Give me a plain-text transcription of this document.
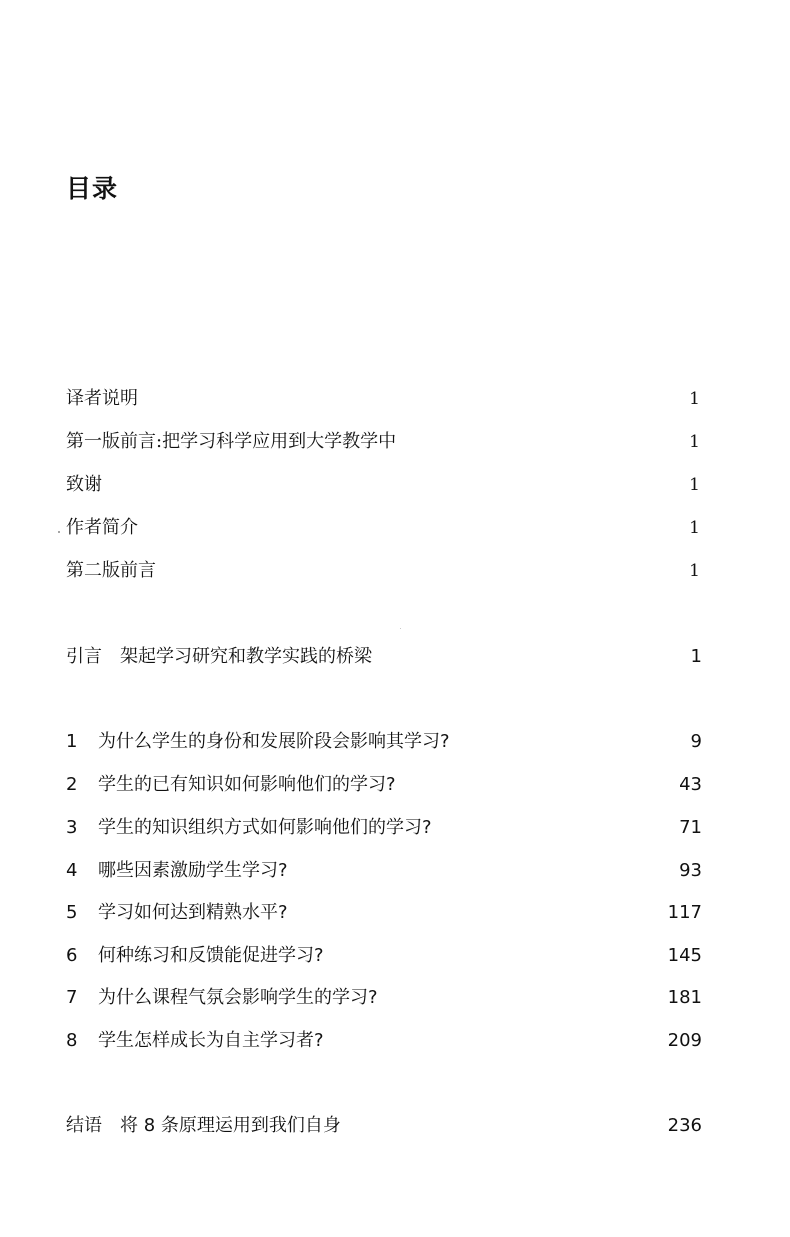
目录
译者说明	1
第一版前言:把学习科学应用到大学教学中	1
致谢	1
作者简介	1
第二版前言	1
引言 架起学习研究和教学实践的桥梁	1
1 为什么学生的身份和发展阶段会影响其学习?	9
2 学生的已有知识如何影响他们的学习?	43
3 学生的知识组织方式如何影响他们的学习?	71
4 哪些因素激励学生学习?	93
5 学习如何达到精熟水平?	117
6 何种练习和反馈能促进学习?	145
7 为什么课程气氛会影响学生的学习?	181
8 学生怎样成长为自主学习者?	209
结语 将 8 条原理运用到我们自身	236
